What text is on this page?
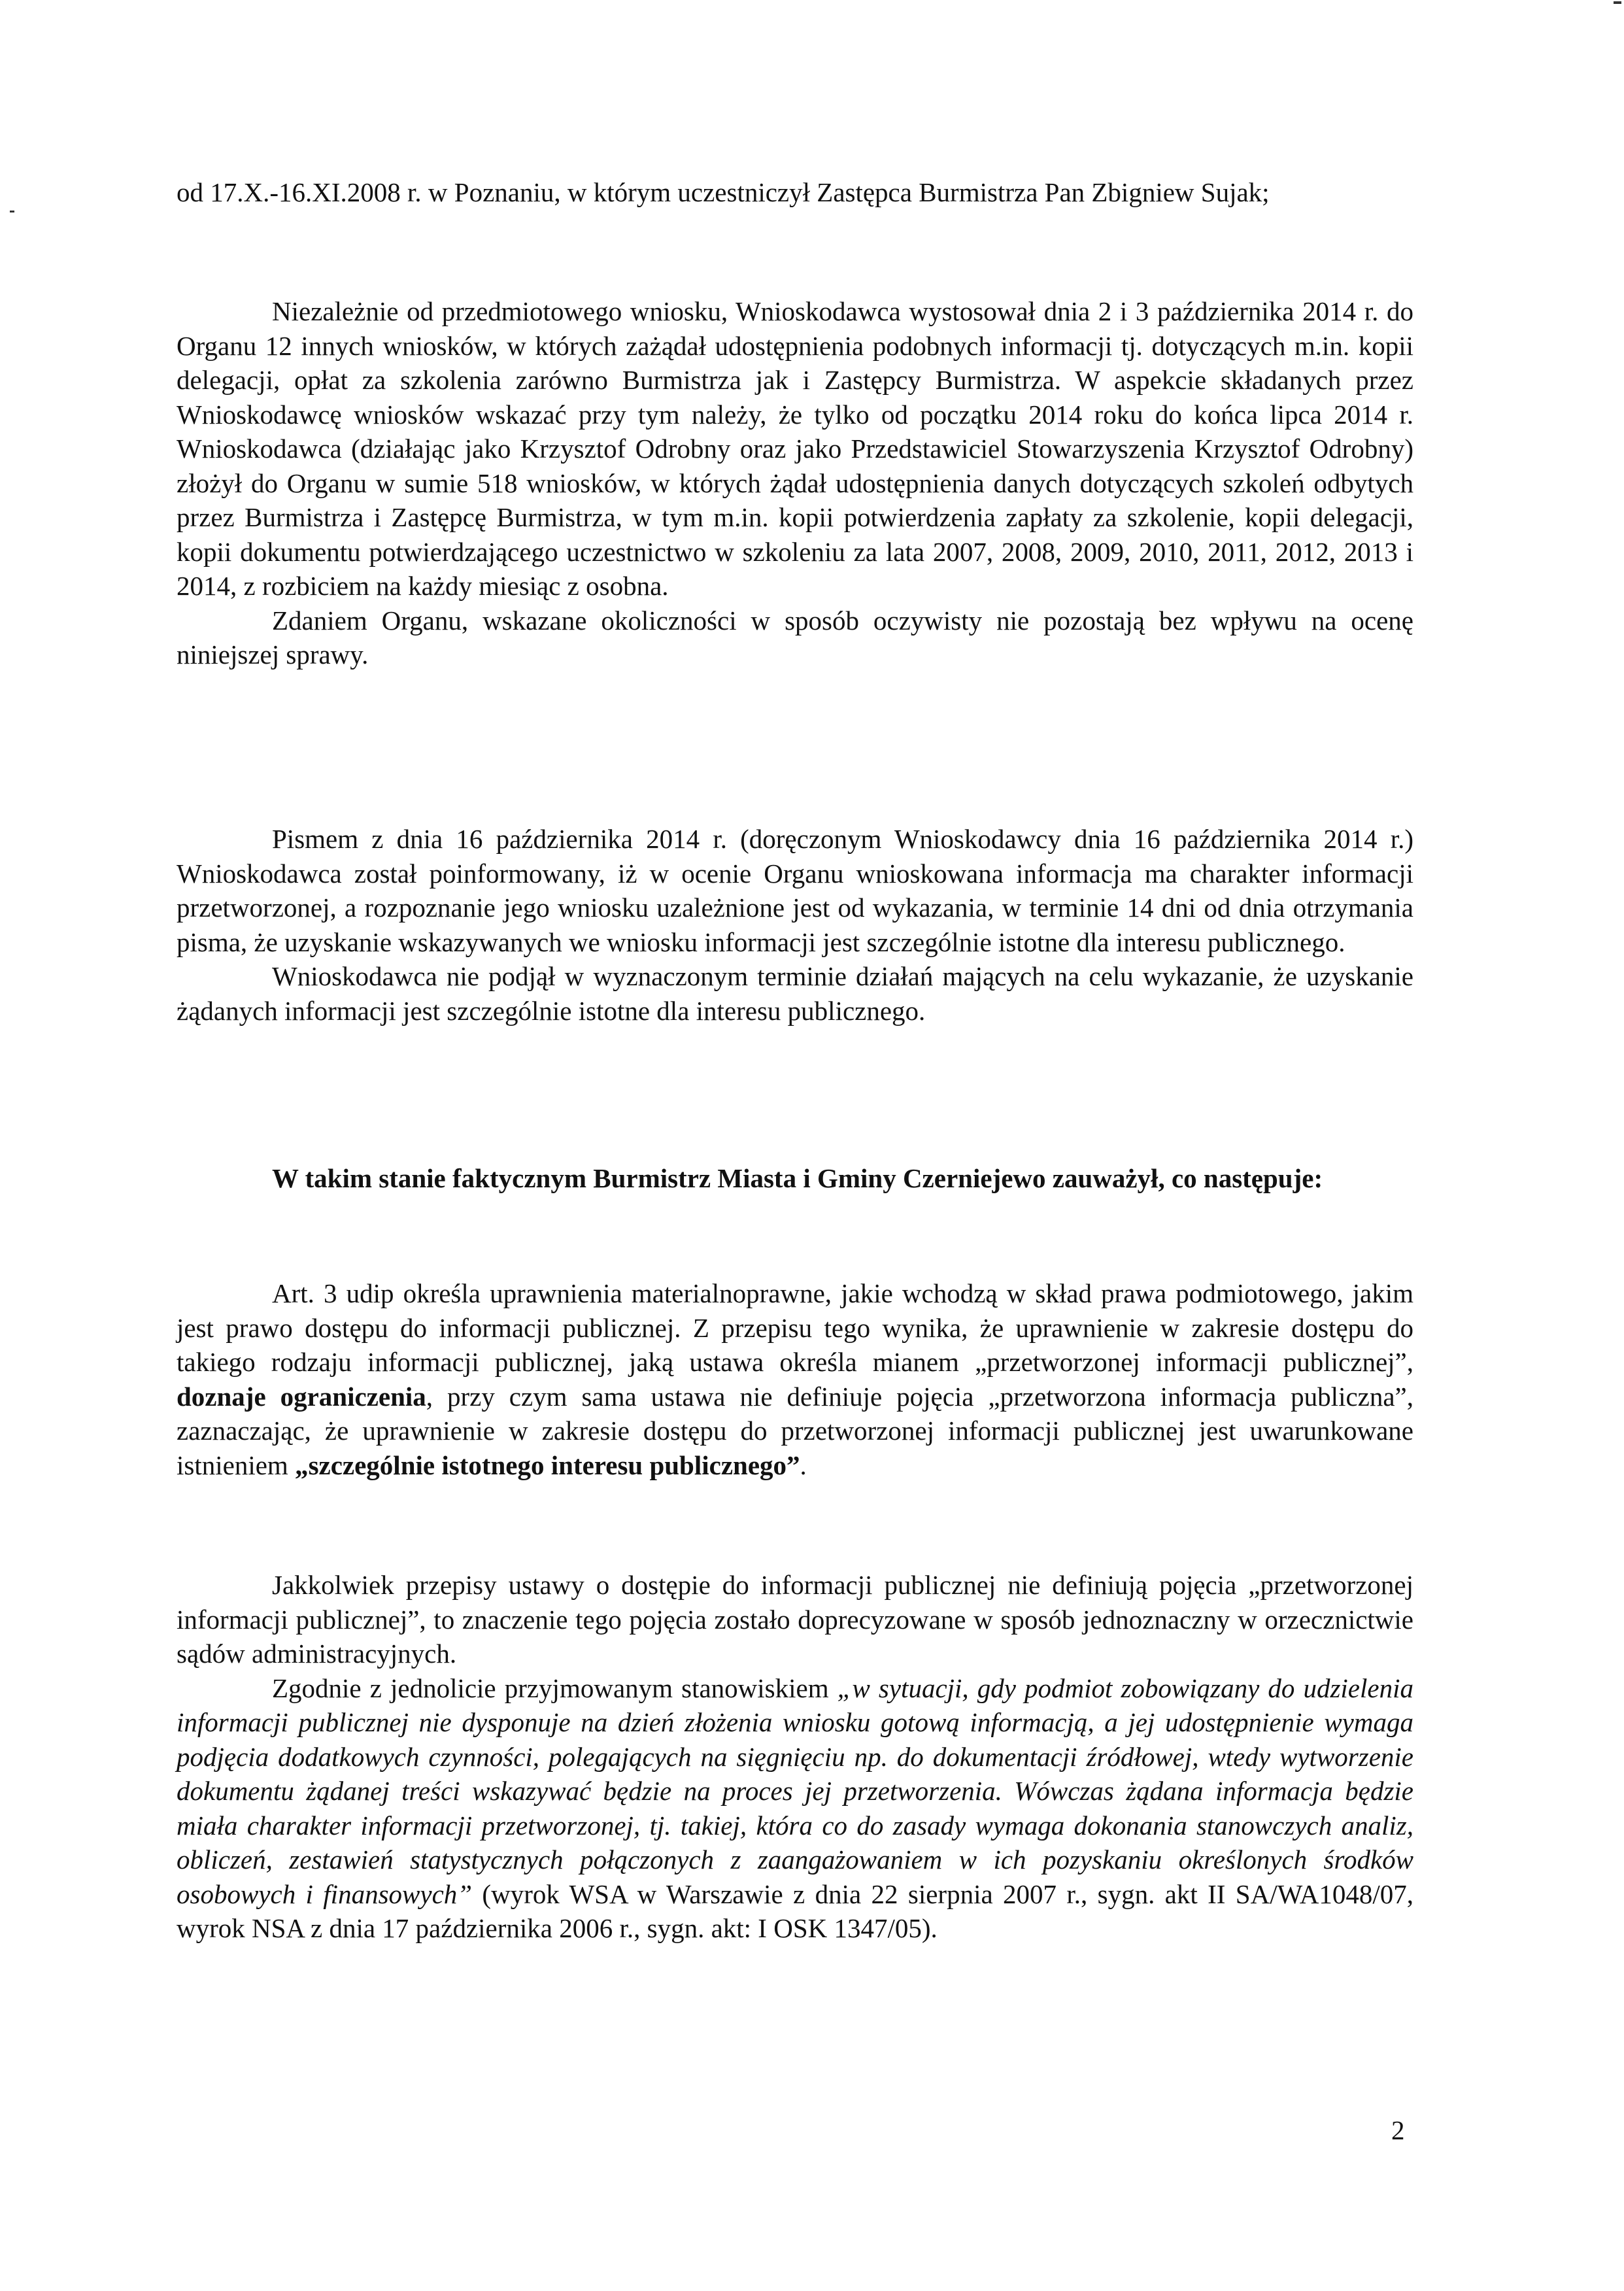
od 17.X.-16.XI.2008 r. w Poznaniu, w którym uczestniczył Zastępca Burmistrza Pan Zbigniew Sujak;

Niezależnie od przedmiotowego wniosku, Wnioskodawca wystosował dnia 2 i 3 października 2014 r. do Organu 12 innych wniosków, w których zażądał udostępnienia podobnych informacji tj. dotyczących m.in. kopii delegacji, opłat za szkolenia zarówno Burmistrza jak i Zastępcy Burmistrza. W aspekcie składanych przez Wnioskodawcę wniosków wskazać przy tym należy, że tylko od początku 2014 roku do końca lipca 2014 r. Wnioskodawca (działając jako Krzysztof Odrobny oraz jako Przedstawiciel Stowarzyszenia Krzysztof Odrobny) złożył do Organu w sumie 518 wniosków, w których żądał udostępnienia danych dotyczących szkoleń odbytych przez Burmistrza i Zastępcę Burmistrza, w tym m.in. kopii potwierdzenia zapłaty za szkolenie, kopii delegacji, kopii dokumentu potwierdzającego uczestnictwo w szkoleniu za lata 2007, 2008, 2009, 2010, 2011, 2012, 2013 i 2014, z rozbiciem na każdy miesiąc z osobna.

Zdaniem Organu, wskazane okoliczności w sposób oczywisty nie pozostają bez wpływu na ocenę niniejszej sprawy.

Pismem z dnia 16 października 2014 r. (doręczonym Wnioskodawcy dnia 16 października 2014 r.) Wnioskodawca został poinformowany, iż w ocenie Organu wnioskowana informacja ma charakter informacji przetworzonej, a rozpoznanie jego wniosku uzależnione jest od wykazania, w terminie 14 dni od dnia otrzymania pisma, że uzyskanie wskazywanych we wniosku informacji jest szczególnie istotne dla interesu publicznego.

Wnioskodawca nie podjął w wyznaczonym terminie działań mających na celu wykazanie, że uzyskanie żądanych informacji jest szczególnie istotne dla interesu publicznego.

W takim stanie faktycznym Burmistrz Miasta i Gminy Czerniejewo zauważył, co następuje:

Art. 3 udip określa uprawnienia materialnoprawne, jakie wchodzą w skład prawa podmiotowego, jakim jest prawo dostępu do informacji publicznej. Z przepisu tego wynika, że uprawnienie w zakresie dostępu do takiego rodzaju informacji publicznej, jaką ustawa określa mianem „przetworzonej informacji publicznej”, doznaje ograniczenia, przy czym sama ustawa nie definiuje pojęcia „przetworzona informacja publiczna”, zaznaczając, że uprawnienie w zakresie dostępu do przetworzonej informacji publicznej jest uwarunkowane istnieniem „szczególnie istotnego interesu publicznego”.

Jakkolwiek przepisy ustawy o dostępie do informacji publicznej nie definiują pojęcia „przetworzonej informacji publicznej”, to znaczenie tego pojęcia zostało doprecyzowane w sposób jednoznaczny w orzecznictwie sądów administracyjnych.

Zgodnie z jednolicie przyjmowanym stanowiskiem „w sytuacji, gdy podmiot zobowiązany do udzielenia informacji publicznej nie dysponuje na dzień złożenia wniosku gotową informacją, a jej udostępnienie wymaga podjęcia dodatkowych czynności, polegających na sięgnięciu np. do dokumentacji źródłowej, wtedy wytworzenie dokumentu żądanej treści wskazywać będzie na proces jej przetworzenia. Wówczas żądana informacja będzie miała charakter informacji przetworzonej, tj. takiej, która co do zasady wymaga dokonania stanowczych analiz, obliczeń, zestawień statystycznych połączonych z zaangażowaniem w ich pozyskaniu określonych środków osobowych i finansowych” (wyrok WSA w Warszawie z dnia 22 sierpnia 2007 r., sygn. akt II SA/WA1048/07, wyrok NSA z dnia 17 października 2006 r., sygn. akt: I OSK 1347/05).

2
